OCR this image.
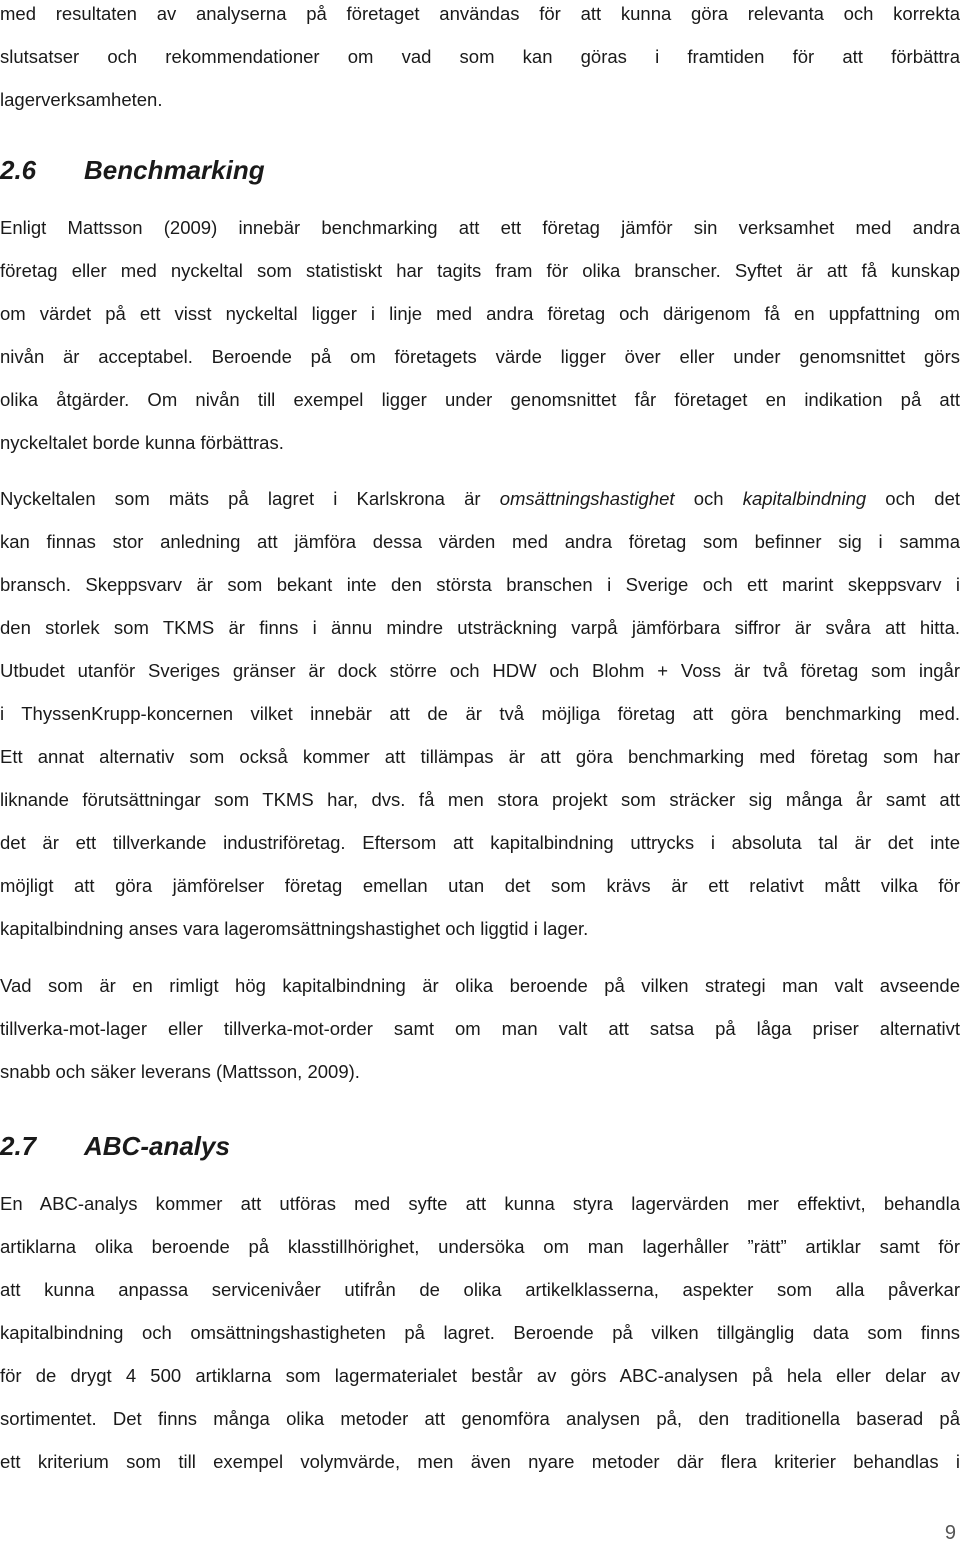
med resultaten av analyserna på företaget användas för att kunna göra relevanta och korrekta
slutsatser och rekommendationer om vad som kan göras i framtiden för att förbättra
lagerverksamheten.
2.6 Benchmarking
Enligt Mattsson (2009) innebär benchmarking att ett företag jämför sin verksamhet med andra
företag eller med nyckeltal som statistiskt har tagits fram för olika branscher. Syftet är att få kunskap
om värdet på ett visst nyckeltal ligger i linje med andra företag och därigenom få en uppfattning om
nivån är acceptabel. Beroende på om företagets värde ligger över eller under genomsnittet görs
olika åtgärder. Om nivån till exempel ligger under genomsnittet får företaget en indikation på att
nyckeltalet borde kunna förbättras.
Nyckeltalen som mäts på lagret i Karlskrona är omsättningshastighet och kapitalbindning och det
kan finnas stor anledning att jämföra dessa värden med andra företag som befinner sig i samma
bransch. Skeppsvarv är som bekant inte den största branschen i Sverige och ett marint skeppsvarv i
den storlek som TKMS är finns i ännu mindre utsträckning varpå jämförbara siffror är svåra att hitta.
Utbudet utanför Sveriges gränser är dock större och HDW och Blohm + Voss är två företag som ingår
i ThyssenKrupp-koncernen vilket innebär att de är två möjliga företag att göra benchmarking med.
Ett annat alternativ som också kommer att tillämpas är att göra benchmarking med företag som har
liknande förutsättningar som TKMS har, dvs. få men stora projekt som sträcker sig många år samt att
det är ett tillverkande industriföretag. Eftersom att kapitalbindning uttrycks i absoluta tal är det inte
möjligt att göra jämförelser företag emellan utan det som krävs är ett relativt mått vilka för
kapitalbindning anses vara lageromsättningshastighet och liggtid i lager.
Vad som är en rimligt hög kapitalbindning är olika beroende på vilken strategi man valt avseende
tillverka-mot-lager eller tillverka-mot-order samt om man valt att satsa på låga priser alternativt
snabb och säker leverans (Mattsson, 2009).
2.7 ABC-analys
En ABC-analys kommer att utföras med syfte att kunna styra lagervärden mer effektivt, behandla
artiklarna olika beroende på klasstillhörighet, undersöka om man lagerhåller ”rätt” artiklar samt för
att kunna anpassa servicenivåer utifrån de olika artikelklasserna, aspekter som alla påverkar
kapitalbindning och omsättningshastigheten på lagret. Beroende på vilken tillgänglig data som finns
för de drygt 4 500 artiklarna som lagermaterialet består av görs ABC-analysen på hela eller delar av
sortimentet. Det finns många olika metoder att genomföra analysen på, den traditionella baserad på
ett kriterium som till exempel volymvärde, men även nyare metoder där flera kriterier behandlas i
9
